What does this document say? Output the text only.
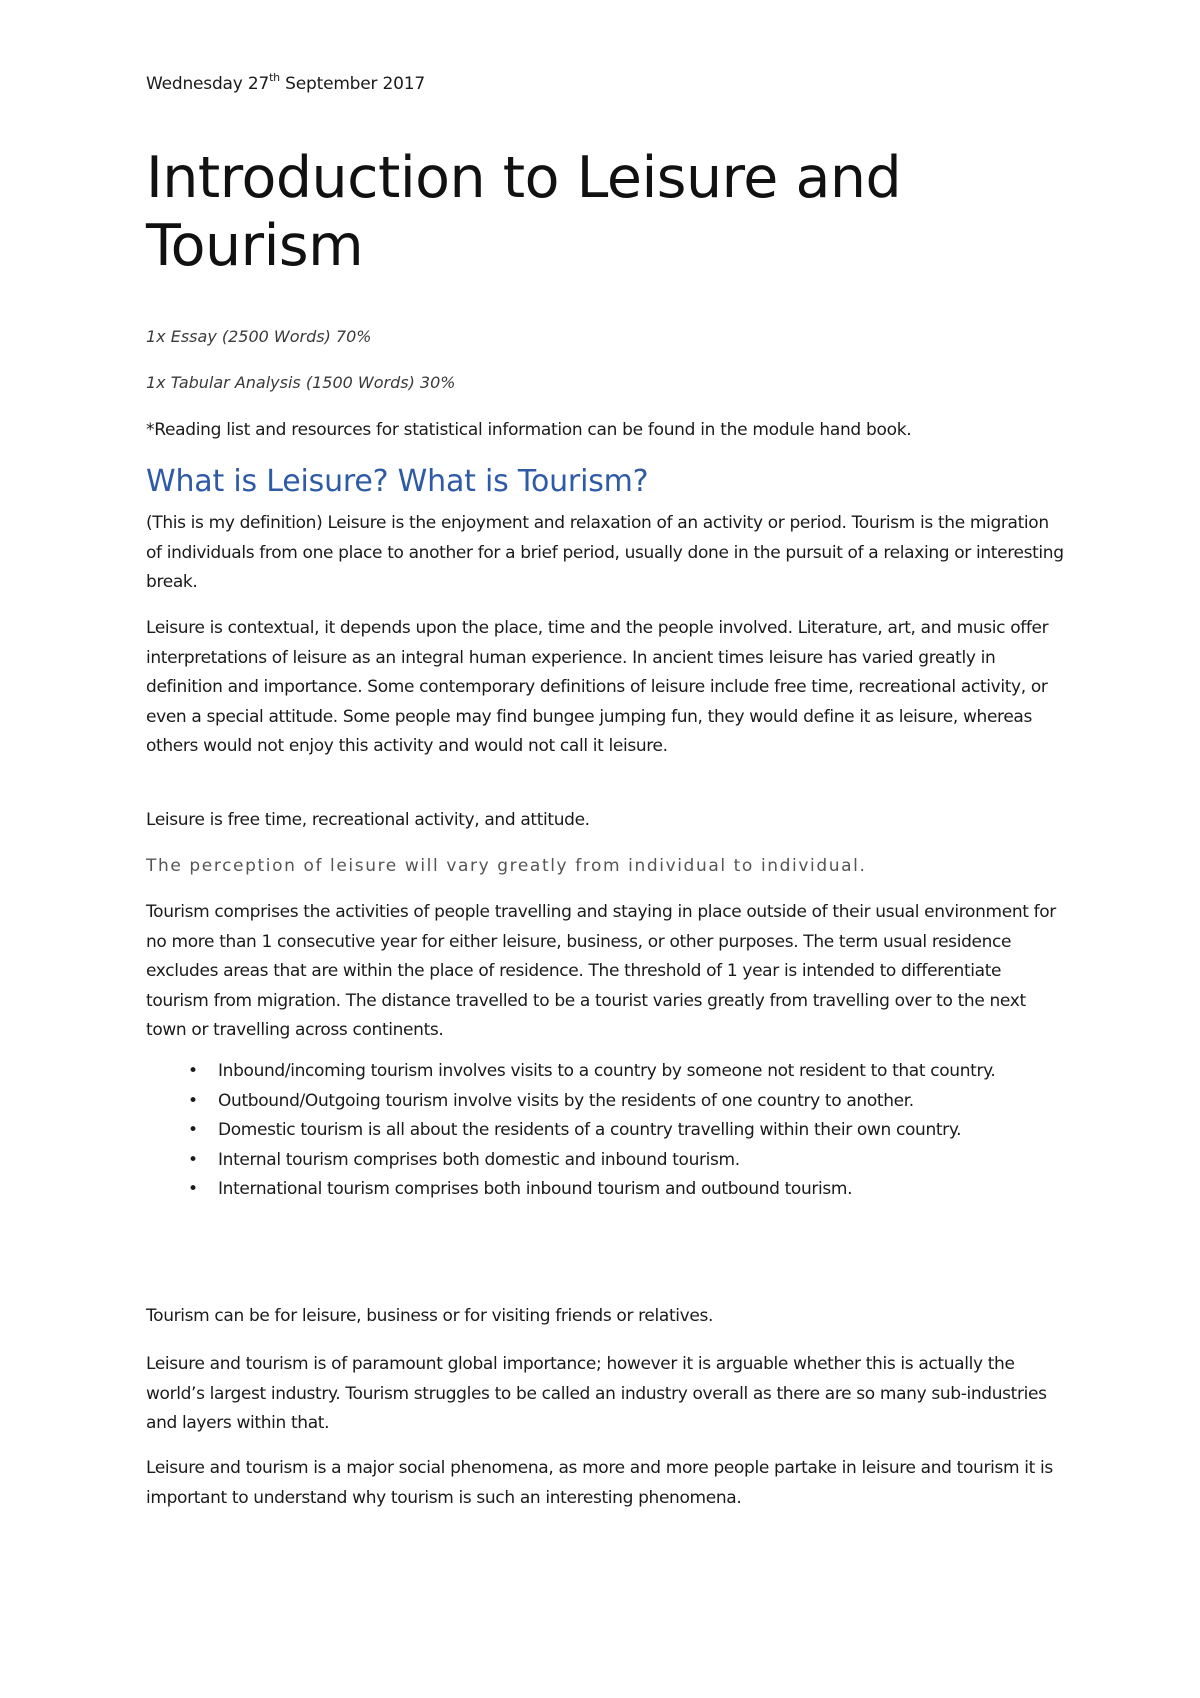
Wednesday 27th September 2017
Introduction to Leisure and Tourism
1x Essay (2500 Words) 70%
1x Tabular Analysis (1500 Words) 30%
*Reading list and resources for statistical information can be found in the module hand book.
What is Leisure? What is Tourism?

(This is my definition) Leisure is the enjoyment and relaxation of an activity or period. Tourism is the migration of individuals from one place to another for a brief period, usually done in the pursuit of a relaxing or interesting break.

Leisure is contextual, it depends upon the place, time and the people involved. Literature, art, and music offer interpretations of leisure as an integral human experience. In ancient times leisure has varied greatly in definition and importance. Some contemporary definitions of leisure include free time, recreational activity, or even a special attitude. Some people may find bungee jumping fun, they would define it as leisure, whereas others would not enjoy this activity and would not call it leisure.

Leisure is free time, recreational activity, and attitude.

The perception of leisure will vary greatly from individual to individual.

Tourism comprises the activities of people travelling and staying in place outside of their usual environment for no more than 1 consecutive year for either leisure, business, or other purposes. The term usual residence excludes areas that are within the place of residence. The threshold of 1 year is intended to differentiate tourism from migration. The distance travelled to be a tourist varies greatly from travelling over to the next town or travelling across continents.

• Inbound/incoming tourism involves visits to a country by someone not resident to that country.
• Outbound/Outgoing tourism involve visits by the residents of one country to another.
• Domestic tourism is all about the residents of a country travelling within their own country.
• Internal tourism comprises both domestic and inbound tourism.
• International tourism comprises both inbound tourism and outbound tourism.

Tourism can be for leisure, business or for visiting friends or relatives.

Leisure and tourism is of paramount global importance; however it is arguable whether this is actually the world’s largest industry. Tourism struggles to be called an industry overall as there are so many sub-industries and layers within that.

Leisure and tourism is a major social phenomena, as more and more people partake in leisure and tourism it is important to understand why tourism is such an interesting phenomena.
